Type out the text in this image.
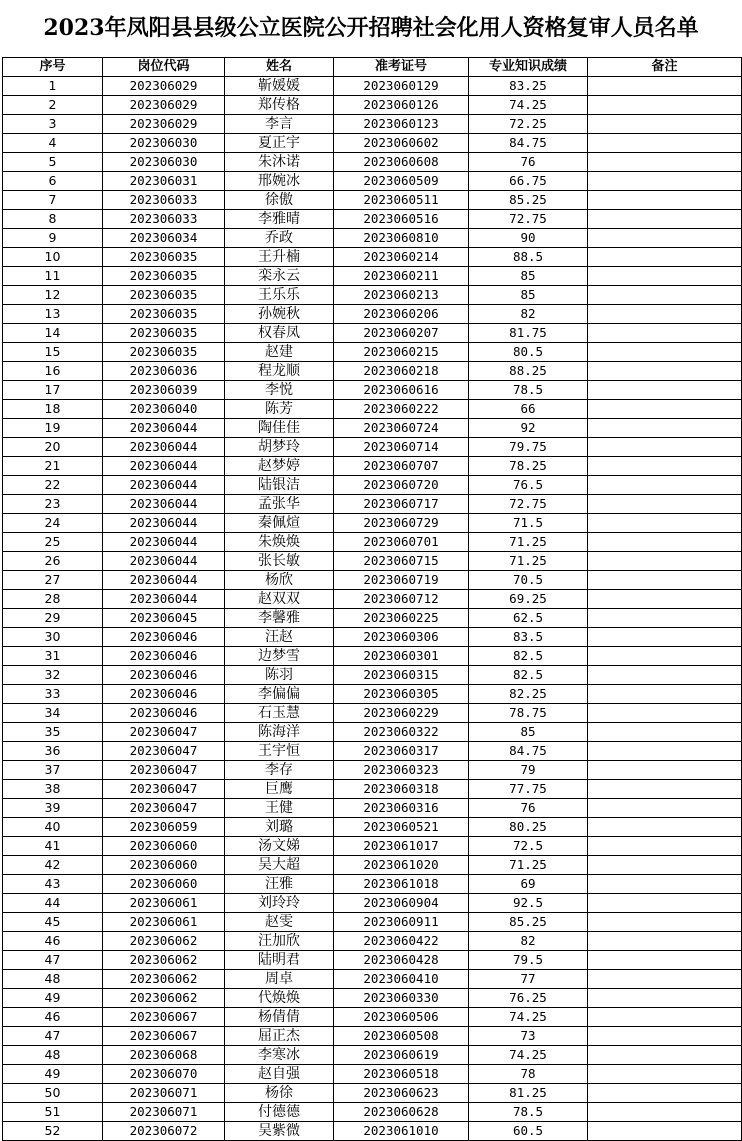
2023年凤阳县县级公立医院公开招聘社会化用人资格复审人员名单
序号	岗位代码	姓名	准考证号	专业知识成绩	备注
1	202306029	靳媛媛	2023060129	83.25	
2	202306029	郑传格	2023060126	74.25	
3	202306029	李言	2023060123	72.25	
4	202306030	夏正宇	2023060602	84.75	
5	202306030	朱沐诺	2023060608	76	
6	202306031	邢婉冰	2023060509	66.75	
7	202306033	徐傲	2023060511	85.25	
8	202306033	李雅晴	2023060516	72.75	
9	202306034	乔政	2023060810	90	
10	202306035	王升楠	2023060214	88.5	
11	202306035	栾永云	2023060211	85	
12	202306035	王乐乐	2023060213	85	
13	202306035	孙婉秋	2023060206	82	
14	202306035	权春凤	2023060207	81.75	
15	202306035	赵建	2023060215	80.5	
16	202306036	程龙顺	2023060218	88.25	
17	202306039	李悦	2023060616	78.5	
18	202306040	陈芳	2023060222	66	
19	202306044	陶佳佳	2023060724	92	
20	202306044	胡梦玲	2023060714	79.75	
21	202306044	赵梦婷	2023060707	78.25	
22	202306044	陆银洁	2023060720	76.5	
23	202306044	孟张华	2023060717	72.75	
24	202306044	秦佩煊	2023060729	71.5	
25	202306044	朱焕焕	2023060701	71.25	
26	202306044	张长敏	2023060715	71.25	
27	202306044	杨欣	2023060719	70.5	
28	202306044	赵双双	2023060712	69.25	
29	202306045	李馨雅	2023060225	62.5	
30	202306046	汪赵	2023060306	83.5	
31	202306046	边梦雪	2023060301	82.5	
32	202306046	陈羽	2023060315	82.5	
33	202306046	李偏偏	2023060305	82.25	
34	202306046	石玉慧	2023060229	78.75	
35	202306047	陈海洋	2023060322	85	
36	202306047	王宇恒	2023060317	84.75	
37	202306047	李存	2023060323	79	
38	202306047	巨鹰	2023060318	77.75	
39	202306047	王健	2023060316	76	
40	202306059	刘璐	2023060521	80.25	
41	202306060	汤文娣	2023061017	72.5	
42	202306060	吴大超	2023061020	71.25	
43	202306060	汪雅	2023061018	69	
44	202306061	刘玲玲	2023060904	92.5	
45	202306061	赵雯	2023060911	85.25	
46	202306062	汪加欣	2023060422	82	
47	202306062	陆明君	2023060428	79.5	
48	202306062	周卓	2023060410	77	
49	202306062	代焕焕	2023060330	76.25	
46	202306067	杨倩倩	2023060506	74.25	
47	202306067	屈正杰	2023060508	73	
48	202306068	李寒冰	2023060619	74.25	
49	202306070	赵自强	2023060518	78	
50	202306071	杨徐	2023060623	81.25	
51	202306071	付德德	2023060628	78.5	
52	202306072	吴紫微	2023061010	60.5	
